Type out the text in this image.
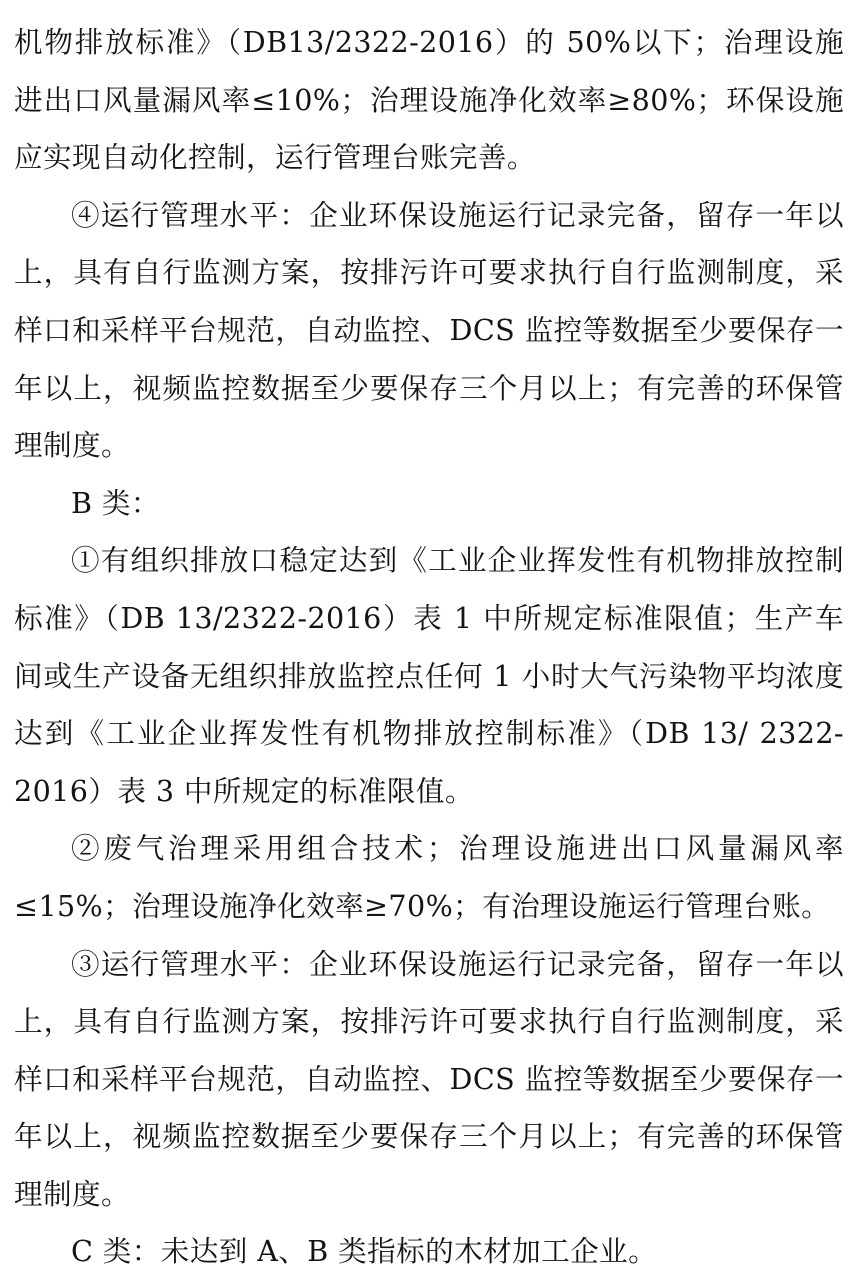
机物排放标准》（DB13/2322-2016）的 50%以下；治理设施进出口风量漏风率≤10%；治理设施净化效率≥80%；环保设施应实现自动化控制，运行管理台账完善。

④运行管理水平：企业环保设施运行记录完备，留存一年以上，具有自行监测方案，按排污许可要求执行自行监测制度，采样口和采样平台规范，自动监控、DCS 监控等数据至少要保存一年以上，视频监控数据至少要保存三个月以上；有完善的环保管理制度。

B 类：

①有组织排放口稳定达到《工业企业挥发性有机物排放控制标准》（DB 13/2322-2016）表 1 中所规定标准限值；生产车间或生产设备无组织排放监控点任何 1 小时大气污染物平均浓度达到《工业企业挥发性有机物排放控制标准》（DB 13/ 2322-2016）表 3 中所规定的标准限值。

②废气治理采用组合技术；治理设施进出口风量漏风率≤15%；治理设施净化效率≥70%；有治理设施运行管理台账。

③运行管理水平：企业环保设施运行记录完备，留存一年以上，具有自行监测方案，按排污许可要求执行自行监测制度，采样口和采样平台规范，自动监控、DCS 监控等数据至少要保存一年以上，视频监控数据至少要保存三个月以上；有完善的环保管理制度。

C 类：未达到 A、B 类指标的木材加工企业。
